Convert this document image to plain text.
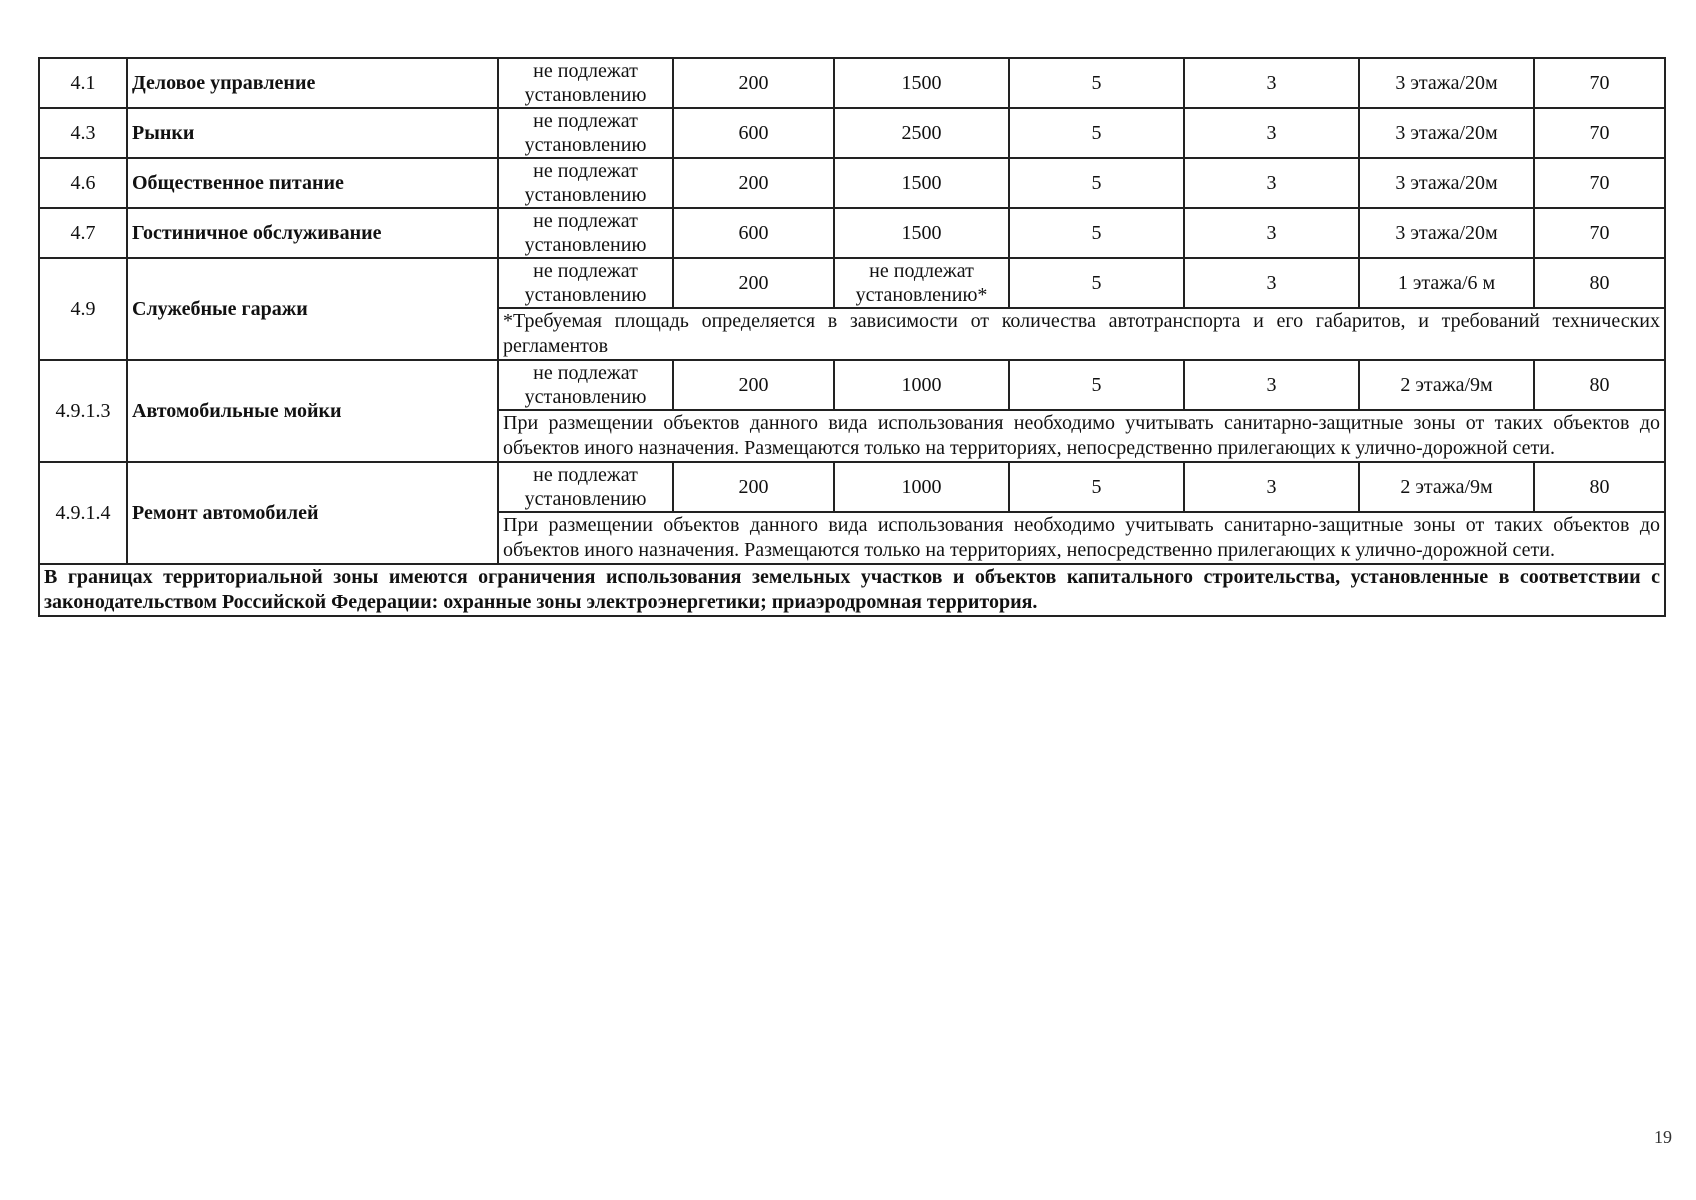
4.1	Деловое управление	не подлежат установлению	200	1500	5	3	3 этажа/20м	70
4.3	Рынки	не подлежат установлению	600	2500	5	3	3 этажа/20м	70
4.6	Общественное питание	не подлежат установлению	200	1500	5	3	3 этажа/20м	70
4.7	Гостиничное обслуживание	не подлежат установлению	600	1500	5	3	3 этажа/20м	70
4.9	Служебные гаражи	не подлежат установлению	200	не подлежат установлению*	5	3	1 этажа/6 м	80
		*Требуемая площадь определяется в зависимости от количества автотранспорта и его габаритов, и требований технических регламентов						
4.9.1.3	Автомобильные мойки	не подлежат установлению	200	1000	5	3	2 этажа/9м	80
		При размещении объектов данного вида использования необходимо учитывать санитарно-защитные зоны от таких объектов до объектов иного назначения. Размещаются только на территориях, непосредственно прилегающих к улично-дорожной сети.						
4.9.1.4	Ремонт автомобилей	не подлежат установлению	200	1000	5	3	2 этажа/9м	80
		При размещении объектов данного вида использования необходимо учитывать санитарно-защитные зоны от таких объектов до объектов иного назначения. Размещаются только на территориях, непосредственно прилегающих к улично-дорожной сети.						
В границах территориальной зоны имеются ограничения использования земельных участков и объектов капитального строительства, установленные в соответствии с законодательством Российской Федерации: охранные зоны электроэнергетики; приаэродромная территория.								
19
